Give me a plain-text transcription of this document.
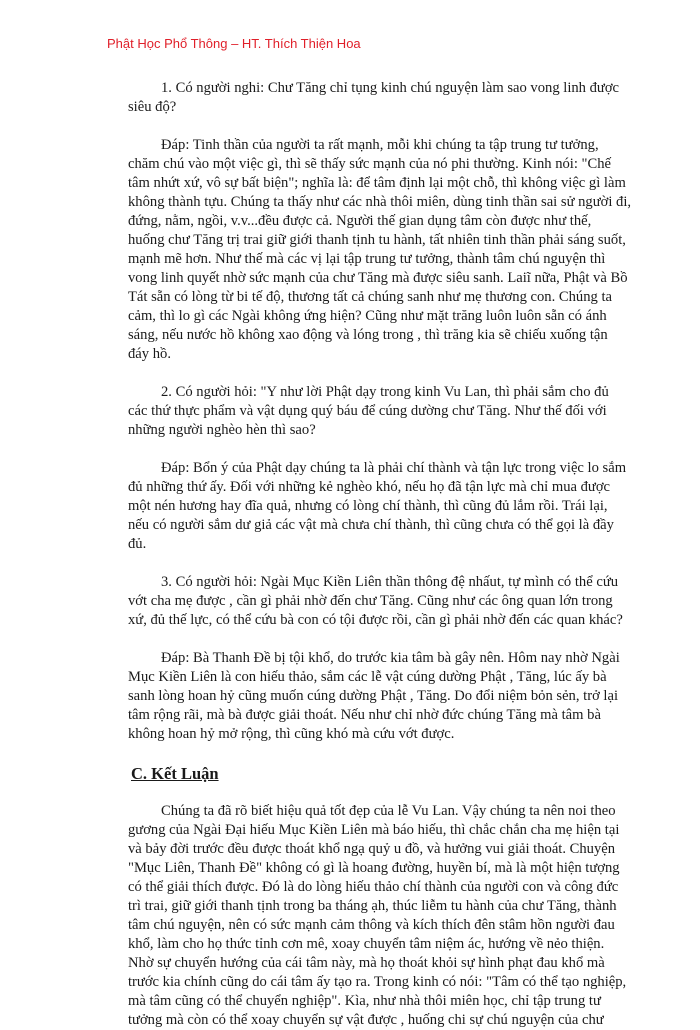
Phật Học Phổ Thông – HT. Thích Thiện Hoa
1. Có người nghi: Chư Tăng chỉ tụng kinh chú nguyện làm sao vong linh được
siêu độ?
Đáp: Tinh thần của người ta rất mạnh, mỗi khi chúng ta tập trung tư tưởng,
chăm chú vào một việc gì, thì sẽ thấy sức mạnh của nó phi thường. Kinh nói: "Chế
tâm nhứt xứ, vô sự bất biện"; nghĩa là: để tâm định lại một chỗ, thì không việc gì làm
không thành tựu. Chúng ta thấy như các nhà thôi miên, dùng tinh thần sai sử người đi,
đứng, nằm, ngồi, v.v...đều được cả. Người thế gian dụng tâm còn được như thế,
huống chư Tăng trị trai giữ giới thanh tịnh tu hành, tất nhiên tinh thần phải sáng suốt,
mạnh mẽ hơn. Như thế mà các vị lại tập trung tư tưởng, thành tâm chú nguyện thì
vong linh quyết nhờ sức mạnh của chư Tăng mà được siêu sanh. Laiĩ nữa, Phật và Bồ
Tát sẵn có lòng từ bi tế độ, thương tất cả chúng sanh như mẹ thương con. Chúng ta
cảm, thì lo gì các Ngài không ứng hiện? Cũng như mặt trăng luôn luôn sẵn có ánh
sáng, nếu nước hồ không xao động và lóng trong , thì trăng kia sẽ chiếu xuống tận
đáy hồ.
2. Có người hỏi: "Y như lời Phật dạy trong kinh Vu Lan, thì phải sắm cho đủ
các thứ thực phẩm và vật dụng quý báu để cúng dường chư Tăng. Như thế đối với
những người nghèo hèn thì sao?
Đáp: Bổn ý của Phật dạy chúng ta là phải chí thành và tận lực trong việc lo sắm
đủ những thứ ấy. Đối với những kẻ nghèo khó, nếu họ đã tận lực mà chỉ mua được
một nén hương hay đĩa quả, nhưng có lòng chí thành, thì cũng đủ lắm rồi. Trái lại,
nếu có người sắm dư giả các vật mà chưa chí thành, thì cũng chưa có thể gọi là đầy
đủ.
3. Có người hỏi: Ngài Mục Kiền Liên thần thông đệ nhấut, tự mình có thể cứu
vớt cha mẹ được , cần gì phải nhờ đến chư Tăng. Cũng như các ông quan lớn trong
xứ, đủ thế lực, có thể cứu bà con có tội được rồi, cần gì phải nhờ đến các quan khác?
Đáp: Bà Thanh Đề bị tội khổ, do trước kia tâm bà gây nên. Hôm nay nhờ Ngài
Mục Kiền Liên là con hiếu thảo, sắm các lễ vật cúng dường Phật , Tăng, lúc ấy bà
sanh lòng hoan hỷ cũng muốn cúng dường Phật , Tăng. Do đổi niệm bỏn sẻn, trở lại
tâm rộng rãi, mà bà được giải thoát. Nếu như chỉ nhờ đức chúng Tăng mà tâm bà
không hoan hỷ mở rộng, thì cũng khó mà cứu vớt được.
C. Kết Luận
Chúng ta đã rõ biết hiệu quả tốt đẹp của lễ Vu Lan. Vậy chúng ta nên noi theo
gương của Ngài Đại hiếu Mục Kiền Liên mà báo hiếu, thì chắc chắn cha mẹ hiện tại
và bảy đời trước đều được thoát khổ ngạ quỷ u đồ, và hưởng vui giải thoát. Chuyện
"Mục Liên, Thanh Đề" không có gì là hoang đường, huyền bí, mà là một hiện tượng
có thể giải thích được. Đó là do lòng hiếu thảo chí thành của người con và công đức
trì trai, giữ giới thanh tịnh trong ba tháng ạh, thúc liễm tu hành của chư Tăng, thành
tâm chú nguyện, nên có sức mạnh cảm thông và kích thích đên stâm hồn người đau
khổ, làm cho họ thức tỉnh cơn mê, xoay chuyển tâm niệm ác, hướng về nẻo thiện.
Nhờ sự chuyển hướng của cái tâm này, mà họ thoát khỏi sự hình phạt đau khổ mà
trước kia chính cũng do cái tâm ấy tạo ra. Trong kinh có nói: "Tâm có thể tạo nghiệp,
mà tâm cũng có thể chuyển nghiệp". Kìa, như nhà thôi miên học, chỉ tập trung tư
tưởng mà còn có thể xoay chuyển sự vật được , huống chi sự chú nguyện của chư
